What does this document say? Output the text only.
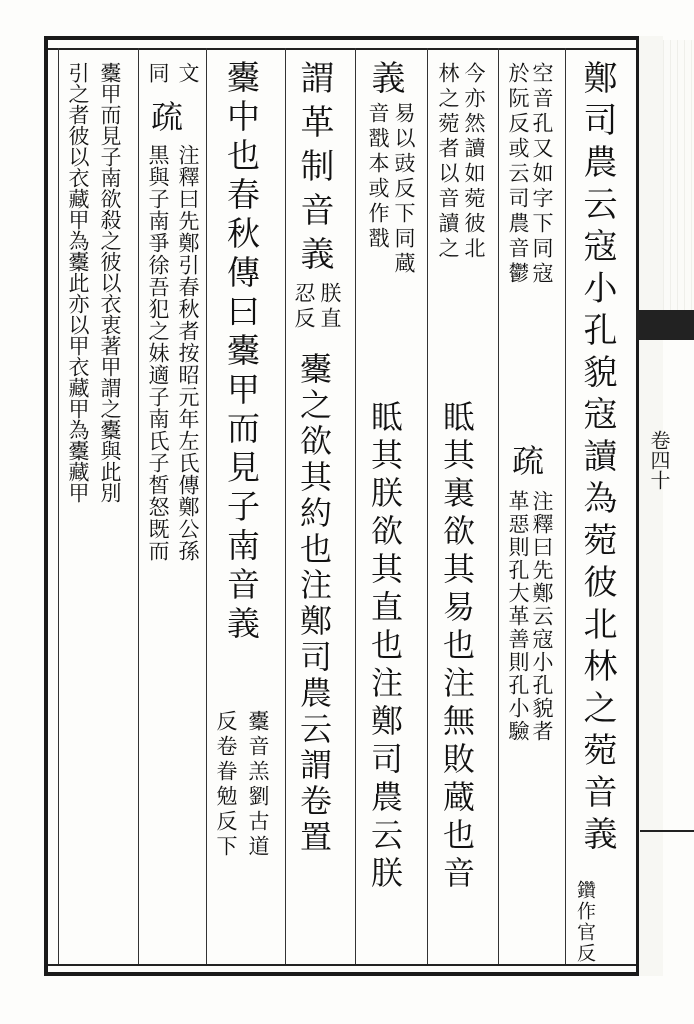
卷四十
鄭司農云寇小孔貌寇讀為菀彼北林之菀音義
鑽作官反
空音孔又如字下同寇
於阮反或云司農音鬱
疏
注釋曰先鄭云寇小孔貌者
革惡則孔大革善則孔小驗
今亦然讀如菀彼北
林之菀者以音讀之
眡其裏欲其易也注無敗蔵也音
義
易以豉反下同蔵
音㦻本或作㦻
眡其朕欲其直也注鄭司農云朕
謂革制音義
朕直
忍反
櫜之欲其約也注鄭司農云謂卷置
櫜中也春秋傳曰櫜甲而見子南音義
櫜音羔劉古道
反卷眷勉反下
文
疏
注釋曰先鄭引春秋者按昭元年左氏傳鄭公孫
同
黒與子南爭徐吾犯之妹適子南氏子皙怒既而
櫜甲而見子南欲殺之彼以衣衷著甲謂之櫜與此別
引之者彼以衣藏甲為櫜此亦以甲衣藏甲為櫜藏甲
